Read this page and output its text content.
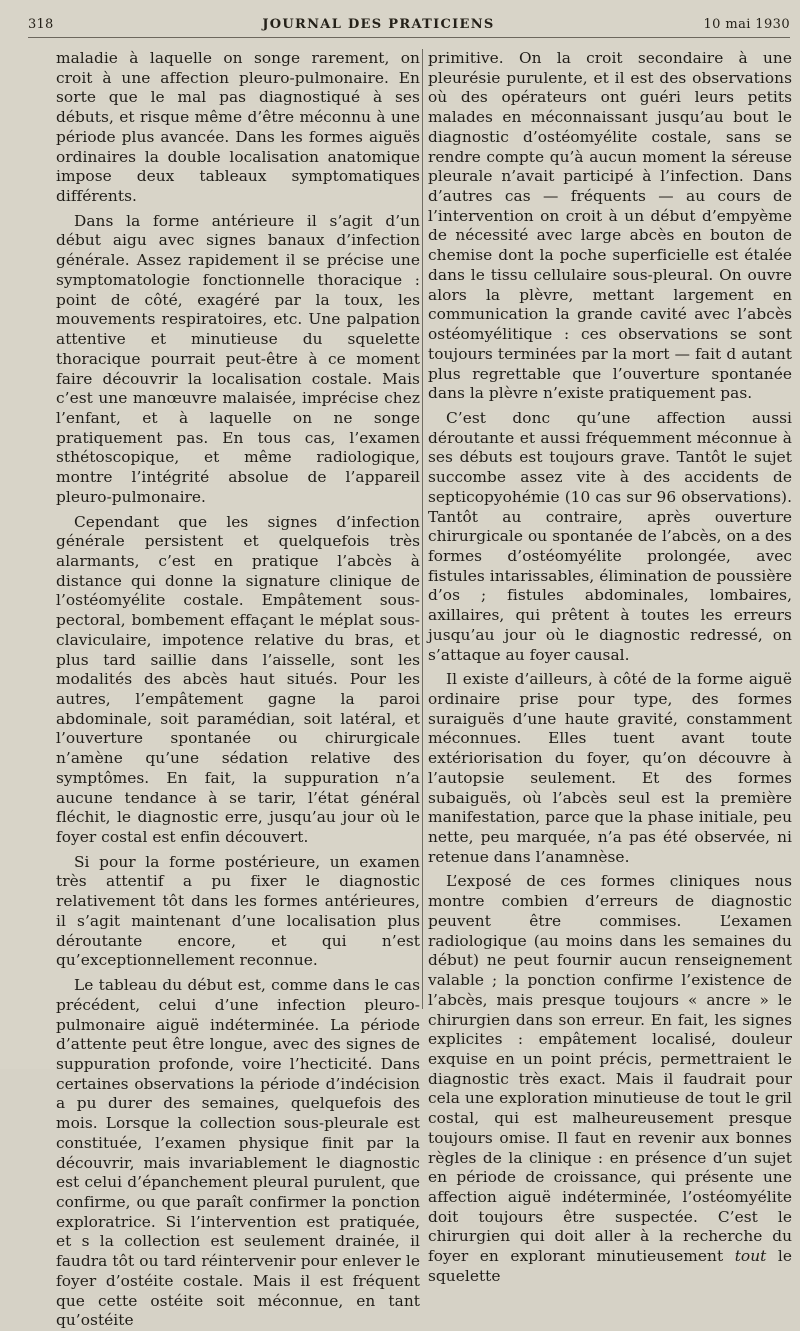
318	JOURNAL DES PRATICIENS	10 mai 1930

maladie à laquelle on songe rarement, on croit à une affection pleuro-pulmonaire. En sorte que le mal pas diagnostiqué à ses débuts, et risque même d’être méconnu à une période plus avancée. Dans les formes aiguës ordinaires la double localisation anatomique impose deux tableaux symptomatiques différents.

Dans la forme antérieure il s’agit d’un début aigu avec signes banaux d’infection générale. Assez rapidement il se précise une symptomatologie fonctionnelle thoracique : point de côté, exagéré par la toux, les mouvements respiratoires, etc. Une palpation attentive et minutieuse du squelette thoracique pourrait peut-être à ce moment faire découvrir la localisation costale. Mais c’est une manœuvre malaisée, imprécise chez l’enfant, et à laquelle on ne songe pratiquement pas. En tous cas, l’examen sthétoscopique, et même radiologique, montre l’intégrité absolue de l’appareil pleuro-pulmonaire.

Cependant que les signes d’infection générale persistent et quelquefois très alarmants, c’est en pratique l’abcès à distance qui donne la signature clinique de l’ostéomyélite costale. Empâtement sous-pectoral, bombement effaçant le méplat sous-claviculaire, impotence relative du bras, et plus tard saillie dans l’aisselle, sont les modalités des abcès haut situés. Pour les autres, l’empâtement gagne la paroi abdominale, soit paramédian, soit latéral, et l’ouverture spontanée ou chirurgicale n’amène qu’une sédation relative des symptômes. En fait, la suppuration n’a aucune tendance à se tarir, l’état général fléchit, le diagnostic erre, jusqu’au jour où le foyer costal est enfin découvert.

Si pour la forme postérieure, un examen très attentif a pu fixer le diagnostic relativement tôt dans les formes antérieures, il s’agit maintenant d’une localisation plus déroutante encore, et qui n’est qu’exceptionnellement reconnue.

Le tableau du début est, comme dans le cas précédent, celui d’une infection pleuro-pulmonaire aiguë indéterminée. La période d’attente peut être longue, avec des signes de suppuration profonde, voire l’hecticité. Dans certaines observations la période d’indécision a pu durer des semaines, quelquefois des mois. Lorsque la collection sous-pleurale est constituée, l’examen physique finit par la découvrir, mais invariablement le diagnostic est celui d’épanchement pleural purulent, que confirme, ou que paraît confirmer la ponction exploratrice. Si l’intervention est pratiquée, et s la collection est seulement drainée, il faudra tôt ou tard réintervenir pour enlever le foyer d’ostéite costale. Mais il est fréquent que cette ostéite soit méconnue, en tant qu’ostéite

primitive. On la croit secondaire à une pleurésie purulente, et il est des observations où des opérateurs ont guéri leurs petits malades en méconnaissant jusqu’au bout le diagnostic d’ostéomyélite costale, sans se rendre compte qu’à aucun moment la séreuse pleurale n’avait participé à l’infection. Dans d’autres cas — fréquents — au cours de l’intervention on croit à un début d’empyème de nécessité avec large abcès en bouton de chemise dont la poche superficielle est étalée dans le tissu cellulaire sous-pleural. On ouvre alors la plèvre, mettant largement en communication la grande cavité avec l’abcès ostéomyélitique : ces observations se sont toujours terminées par la mort — fait d autant plus regrettable que l’ouverture spontanée dans la plèvre n’existe pratiquement pas.

C’est donc qu’une affection aussi déroutante et aussi fréquemment méconnue à ses débuts est toujours grave. Tantôt le sujet succombe assez vite à des accidents de septicopyohémie (10 cas sur 96 observations). Tantôt au contraire, après ouverture chirurgicale ou spontanée de l’abcès, on a des formes d’ostéomyélite prolongée, avec fistules intarissables, élimination de poussière d’os ; fistules abdominales, lombaires, axillaires, qui prêtent à toutes les erreurs jusqu’au jour où le diagnostic redressé, on s’attaque au foyer causal.

Il existe d’ailleurs, à côté de la forme aiguë ordinaire prise pour type, des formes suraiguës d’une haute gravité, constamment méconnues. Elles tuent avant toute extériorisation du foyer, qu’on découvre à l’autopsie seulement. Et des formes subaiguës, où l’abcès seul est la première manifestation, parce que la phase initiale, peu nette, peu marquée, n’a pas été observée, ni retenue dans l’anamnèse.

L’exposé de ces formes cliniques nous montre combien d’erreurs de diagnostic peuvent être commises. L’examen radiologique (au moins dans les semaines du début) ne peut fournir aucun renseignement valable ; la ponction confirme l’existence de l’abcès, mais presque toujours « ancre » le chirurgien dans son erreur. En fait, les signes explicites : empâtement localisé, douleur exquise en un point précis, permettraient le diagnostic très exact. Mais il faudrait pour cela une exploration minutieuse de tout le gril costal, qui est malheureusement presque toujours omise. Il faut en revenir aux bonnes règles de la clinique : en présence d’un sujet en période de croissance, qui présente une affection aiguë indéterminée, l’ostéomyélite doit toujours être suspectée. C’est le chirurgien qui doit aller à la recherche du foyer en explorant minutieusement tout le squelette
